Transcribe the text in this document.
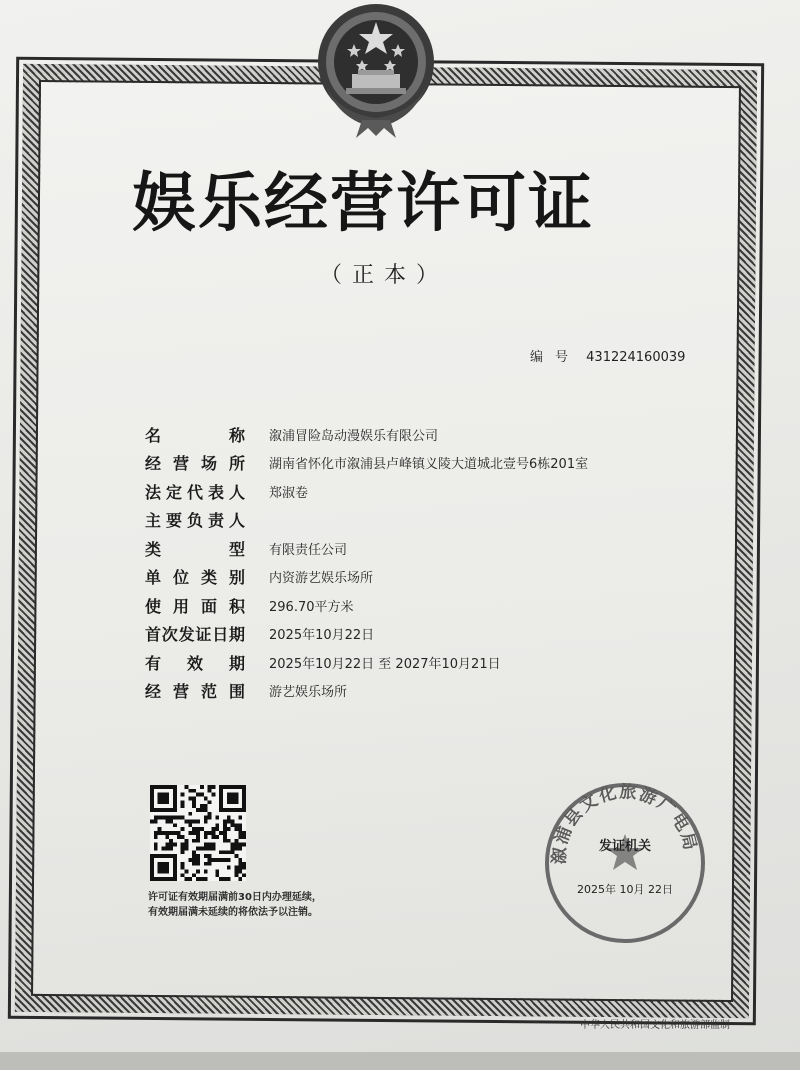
娱乐经营许可证
（正本）
编号 431224160039
名	称 溆浦冒险岛动漫娱乐有限公司
经 营 场 所 湖南省怀化市溆浦县卢峰镇义陵大道城北壹号6栋201室
法 定 代 表 人 郑淑卷
主 要 负 责 人
类	型 有限责任公司
单 位 类 别 内资游艺娱乐场所
使 用 面 积 296.70平方米
首 次 发 证 日 期 2025年10月22日
有 效 期 2025年10月22日 至 2027年10月21日
经 营 范 围 游艺娱乐场所
许可证有效期届满前30日内办理延续，
有效期届满未延续的将依法予以注销。
溆浦县文化旅游广电局
发证机关
2025年 10月 22日
中华人民共和国文化和旅游部监制
